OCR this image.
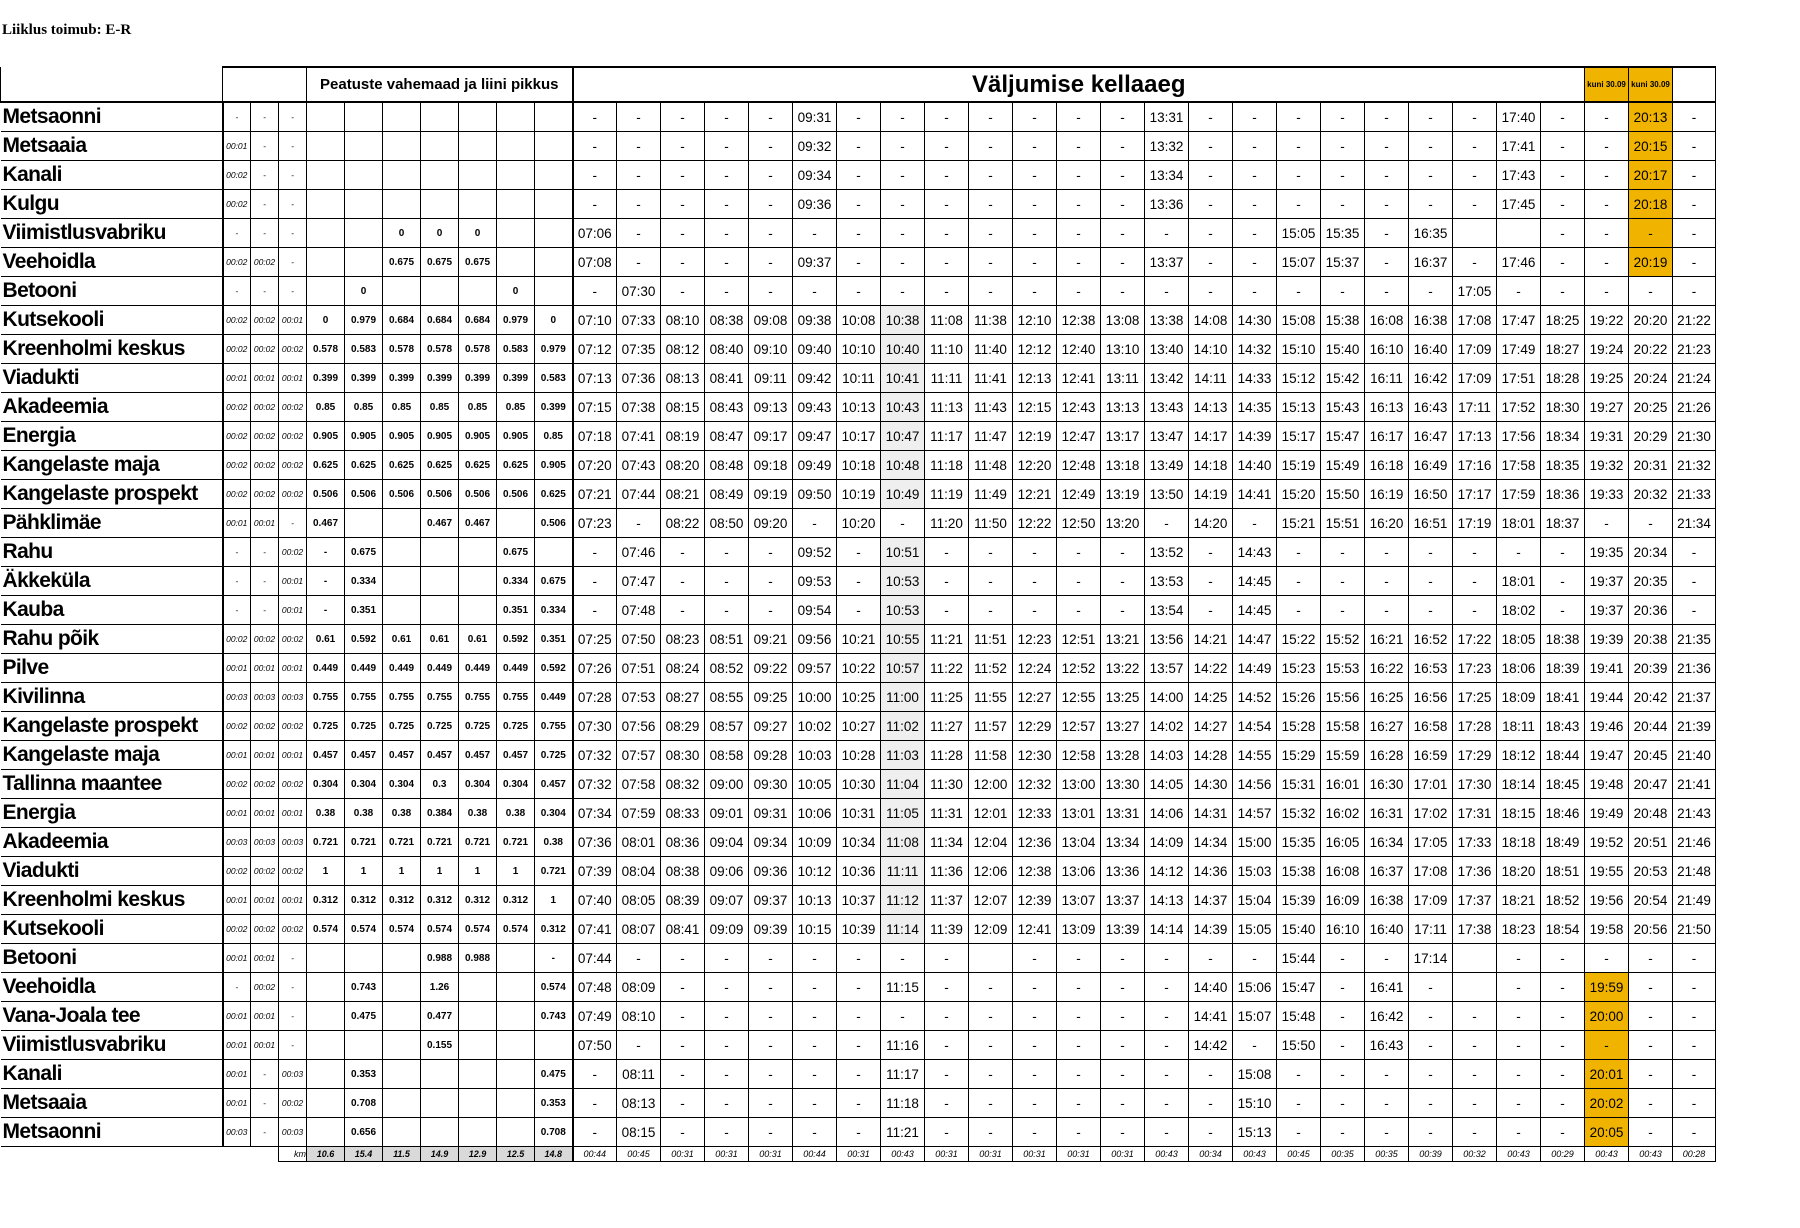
Liiklus toimub: E-R
				Peatuste vahemaad ja liini pikkus							Väljumise kellaaeg																							kuni 30.09	kuni 30.09	
Metsaonni	-	-	-								-	-	-	-	-	09:31	-	-	-	-	-	-	-	13:31	-	-	-	-	-	-	-	17:40	-	-	20:13	-
Metsaaia	00:01	-	-								-	-	-	-	-	09:32	-	-	-	-	-	-	-	13:32	-	-	-	-	-	-	-	17:41	-	-	20:15	-
Kanali	00:02	-	-								-	-	-	-	-	09:34	-	-	-	-	-	-	-	13:34	-	-	-	-	-	-	-	17:43	-	-	20:17	-
Kulgu	00:02	-	-								-	-	-	-	-	09:36	-	-	-	-	-	-	-	13:36	-	-	-	-	-	-	-	17:45	-	-	20:18	-
Viimistlusvabriku	-	-	-			0	0	0			07:06	-	-	-	-	-	-	-	-	-	-	-	-	-	-	-	15:05	15:35	-	16:35			-	-	-	-
Veehoidla	00:02	00:02	-			0.675	0.675	0.675			07:08	-	-	-	-	09:37	-	-	-	-	-	-	-	13:37	-	-	15:07	15:37	-	16:37	-	17:46	-	-	20:19	-
Betooni	-	-	-		0				0		-	07:30	-	-	-	-	-	-	-	-	-	-	-	-	-	-	-	-	-	-	17:05	-	-	-	-	-
Kutsekooli	00:02	00:02	00:01	0	0.979	0.684	0.684	0.684	0.979	0	07:10	07:33	08:10	08:38	09:08	09:38	10:08	10:38	11:08	11:38	12:10	12:38	13:08	13:38	14:08	14:30	15:08	15:38	16:08	16:38	17:08	17:47	18:25	19:22	20:20	21:22
Kreenholmi keskus	00:02	00:02	00:02	0.578	0.583	0.578	0.578	0.578	0.583	0.979	07:12	07:35	08:12	08:40	09:10	09:40	10:10	10:40	11:10	11:40	12:12	12:40	13:10	13:40	14:10	14:32	15:10	15:40	16:10	16:40	17:09	17:49	18:27	19:24	20:22	21:23
Viadukti	00:01	00:01	00:01	0.399	0.399	0.399	0.399	0.399	0.399	0.583	07:13	07:36	08:13	08:41	09:11	09:42	10:11	10:41	11:11	11:41	12:13	12:41	13:11	13:42	14:11	14:33	15:12	15:42	16:11	16:42	17:09	17:51	18:28	19:25	20:24	21:24
Akadeemia	00:02	00:02	00:02	0.85	0.85	0.85	0.85	0.85	0.85	0.399	07:15	07:38	08:15	08:43	09:13	09:43	10:13	10:43	11:13	11:43	12:15	12:43	13:13	13:43	14:13	14:35	15:13	15:43	16:13	16:43	17:11	17:52	18:30	19:27	20:25	21:26
Energia	00:02	00:02	00:02	0.905	0.905	0.905	0.905	0.905	0.905	0.85	07:18	07:41	08:19	08:47	09:17	09:47	10:17	10:47	11:17	11:47	12:19	12:47	13:17	13:47	14:17	14:39	15:17	15:47	16:17	16:47	17:13	17:56	18:34	19:31	20:29	21:30
Kangelaste maja	00:02	00:02	00:02	0.625	0.625	0.625	0.625	0.625	0.625	0.905	07:20	07:43	08:20	08:48	09:18	09:49	10:18	10:48	11:18	11:48	12:20	12:48	13:18	13:49	14:18	14:40	15:19	15:49	16:18	16:49	17:16	17:58	18:35	19:32	20:31	21:32
Kangelaste prospekt	00:02	00:02	00:02	0.506	0.506	0.506	0.506	0.506	0.506	0.625	07:21	07:44	08:21	08:49	09:19	09:50	10:19	10:49	11:19	11:49	12:21	12:49	13:19	13:50	14:19	14:41	15:20	15:50	16:19	16:50	17:17	17:59	18:36	19:33	20:32	21:33
Pähklimäe	00:01	00:01	-	0.467			0.467	0.467		0.506	07:23	-	08:22	08:50	09:20	-	10:20	-	11:20	11:50	12:22	12:50	13:20	-	14:20	-	15:21	15:51	16:20	16:51	17:19	18:01	18:37	-	-	21:34
Rahu	-	-	00:02	-	0.675				0.675		-	07:46	-	-	-	09:52	-	10:51	-	-	-	-	-	13:52	-	14:43	-	-	-	-	-	-	-	19:35	20:34	-
Äkkeküla	-	-	00:01	-	0.334				0.334	0.675	-	07:47	-	-	-	09:53	-	10:53	-	-	-	-	-	13:53	-	14:45	-	-	-	-	-	18:01	-	19:37	20:35	-
Kauba	-	-	00:01	-	0.351				0.351	0.334	-	07:48	-	-	-	09:54	-	10:53	-	-	-	-	-	13:54	-	14:45	-	-	-	-	-	18:02	-	19:37	20:36	-
Rahu põik	00:02	00:02	00:02	0.61	0.592	0.61	0.61	0.61	0.592	0.351	07:25	07:50	08:23	08:51	09:21	09:56	10:21	10:55	11:21	11:51	12:23	12:51	13:21	13:56	14:21	14:47	15:22	15:52	16:21	16:52	17:22	18:05	18:38	19:39	20:38	21:35
Pilve	00:01	00:01	00:01	0.449	0.449	0.449	0.449	0.449	0.449	0.592	07:26	07:51	08:24	08:52	09:22	09:57	10:22	10:57	11:22	11:52	12:24	12:52	13:22	13:57	14:22	14:49	15:23	15:53	16:22	16:53	17:23	18:06	18:39	19:41	20:39	21:36
Kivilinna	00:03	00:03	00:03	0.755	0.755	0.755	0.755	0.755	0.755	0.449	07:28	07:53	08:27	08:55	09:25	10:00	10:25	11:00	11:25	11:55	12:27	12:55	13:25	14:00	14:25	14:52	15:26	15:56	16:25	16:56	17:25	18:09	18:41	19:44	20:42	21:37
Kangelaste prospekt	00:02	00:02	00:02	0.725	0.725	0.725	0.725	0.725	0.725	0.755	07:30	07:56	08:29	08:57	09:27	10:02	10:27	11:02	11:27	11:57	12:29	12:57	13:27	14:02	14:27	14:54	15:28	15:58	16:27	16:58	17:28	18:11	18:43	19:46	20:44	21:39
Kangelaste maja	00:01	00:01	00:01	0.457	0.457	0.457	0.457	0.457	0.457	0.725	07:32	07:57	08:30	08:58	09:28	10:03	10:28	11:03	11:28	11:58	12:30	12:58	13:28	14:03	14:28	14:55	15:29	15:59	16:28	16:59	17:29	18:12	18:44	19:47	20:45	21:40
Tallinna maantee	00:02	00:02	00:02	0.304	0.304	0.304	0.3	0.304	0.304	0.457	07:32	07:58	08:32	09:00	09:30	10:05	10:30	11:04	11:30	12:00	12:32	13:00	13:30	14:05	14:30	14:56	15:31	16:01	16:30	17:01	17:30	18:14	18:45	19:48	20:47	21:41
Energia	00:01	00:01	00:01	0.38	0.38	0.38	0.384	0.38	0.38	0.304	07:34	07:59	08:33	09:01	09:31	10:06	10:31	11:05	11:31	12:01	12:33	13:01	13:31	14:06	14:31	14:57	15:32	16:02	16:31	17:02	17:31	18:15	18:46	19:49	20:48	21:43
Akadeemia	00:03	00:03	00:03	0.721	0.721	0.721	0.721	0.721	0.721	0.38	07:36	08:01	08:36	09:04	09:34	10:09	10:34	11:08	11:34	12:04	12:36	13:04	13:34	14:09	14:34	15:00	15:35	16:05	16:34	17:05	17:33	18:18	18:49	19:52	20:51	21:46
Viadukti	00:02	00:02	00:02	1	1	1	1	1	1	0.721	07:39	08:04	08:38	09:06	09:36	10:12	10:36	11:11	11:36	12:06	12:38	13:06	13:36	14:12	14:36	15:03	15:38	16:08	16:37	17:08	17:36	18:20	18:51	19:55	20:53	21:48
Kreenholmi keskus	00:01	00:01	00:01	0.312	0.312	0.312	0.312	0.312	0.312	1	07:40	08:05	08:39	09:07	09:37	10:13	10:37	11:12	11:37	12:07	12:39	13:07	13:37	14:13	14:37	15:04	15:39	16:09	16:38	17:09	17:37	18:21	18:52	19:56	20:54	21:49
Kutsekooli	00:02	00:02	00:02	0.574	0.574	0.574	0.574	0.574	0.574	0.312	07:41	08:07	08:41	09:09	09:39	10:15	10:39	11:14	11:39	12:09	12:41	13:09	13:39	14:14	14:39	15:05	15:40	16:10	16:40	17:11	17:38	18:23	18:54	19:58	20:56	21:50
Betooni	00:01	00:01	-				0.988	0.988		-	07:44	-	-	-	-	-	-	-	-		-	-	-	-	-	-	15:44	-	-	17:14		-	-	-	-	-
Veehoidla	-	00:02	-		0.743		1.26			0.574	07:48	08:09	-	-	-	-	-	11:15	-	-	-	-	-	-	14:40	15:06	15:47	-	16:41	-		-	-	19:59	-	-
Vana-Joala tee	00:01	00:01	-		0.475		0.477			0.743	07:49	08:10	-	-	-	-	-	-	-	-	-	-	-	-	14:41	15:07	15:48	-	16:42	-	-	-	-	20:00	-	-
Viimistlusvabriku	00:01	00:01	-				0.155				07:50	-	-	-	-	-	-	11:16	-	-	-	-	-	-	14:42	-	15:50	-	16:43	-	-	-	-	-	-	-
Kanali	00:01	-	00:03		0.353					0.475	-	08:11	-	-	-	-	-	11:17	-	-	-	-	-	-	-	15:08	-	-	-	-	-	-	-	20:01	-	-
Metsaaia	00:01	-	00:02		0.708					0.353	-	08:13	-	-	-	-	-	11:18	-	-	-	-	-	-	-	15:10	-	-	-	-	-	-	-	20:02	-	-
Metsaonni	00:03	-	00:03		0.656					0.708	-	08:15	-	-	-	-	-	11:21	-	-	-	-	-	-	-	15:13	-	-	-	-	-	-	-	20:05	-	-
			km	10.6	15.4	11.5	14.9	12.9	12.5	14.8	00:44	00:45	00:31	00:31	00:31	00:44	00:31	00:43	00:31	00:31	00:31	00:31	00:31	00:43	00:34	00:43	00:45	00:35	00:35	00:39	00:32	00:43	00:29	00:43	00:43	00:28
